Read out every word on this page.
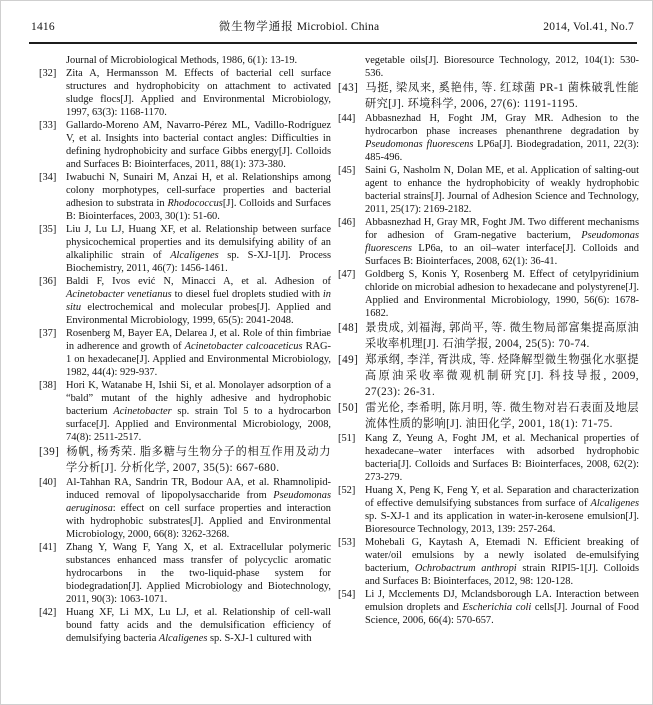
1416	微生物学通报 Microbiol. China	2014, Vol.41, No.7
Journal of Microbiological Methods, 1986, 6(1): 13-19.
[32] Zita A, Hermansson M. Effects of bacterial cell surface structures and hydrophobicity on attachment to activated sludge flocs[J]. Applied and Environmental Microbiology, 1997, 63(3): 1168-1170.
[33] Gallardo-Moreno AM, Navarro-Pérez ML, Vadillo-Rodríguez V, et al. Insights into bacterial contact angles: Difficulties in defining hydrophobicity and surface Gibbs energy[J]. Colloids and Surfaces B: Biointerfaces, 2011, 88(1): 373-380.
[34] Iwabuchi N, Sunairi M, Anzai H, et al. Relationships among colony morphotypes, cell-surface properties and bacterial adhesion to substrata in Rhodococcus[J]. Colloids and Surfaces B: Biointerfaces, 2003, 30(1): 51-60.
[35] Liu J, Lu LJ, Huang XF, et al. Relationship between surface physicochemical properties and its demulsifying ability of an alkaliphilic strain of Alcaligenes sp. S-XJ-1[J]. Process Biochemistry, 2011, 46(7): 1456-1461.
[36] Baldi F, Ivos ević N, Minacci A, et al. Adhesion of Acinetobacter venetianus to diesel fuel droplets studied with in situ electrochemical and molecular probes[J]. Applied and Environmental Microbiology, 1999, 65(5): 2041-2048.
[37] Rosenberg M, Bayer EA, Delarea J, et al. Role of thin fimbriae in adherence and growth of Acinetobacter calcoaceticus RAG-1 on hexadecane[J]. Applied and Environmental Microbiology, 1982, 44(4): 929-937.
[38] Hori K, Watanabe H, Ishii Si, et al. Monolayer adsorption of a “bald” mutant of the highly adhesive and hydrophobic bacterium Acinetobacter sp. strain Tol 5 to a hydrocarbon surface[J]. Applied and Environmental Microbiology, 2008, 74(8): 2511-2517.
[39] 杨帆, 杨秀荣. 脂多糖与生物分子的相互作用及动力学分析[J]. 分析化学, 2007, 35(5): 667-680.
[40] Al-Tahhan RA, Sandrin TR, Bodour AA, et al. Rhamnolipid-induced removal of lipopolysaccharide from Pseudomonas aeruginosa: effect on cell surface properties and interaction with hydrophobic substrates[J]. Applied and Environmental Microbiology, 2000, 66(8): 3262-3268.
[41] Zhang Y, Wang F, Yang X, et al. Extracellular polymeric substances enhanced mass transfer of polycyclic aromatic hydrocarbons in the two-liquid-phase system for biodegradation[J]. Applied Microbiology and Biotechnology, 2011, 90(3): 1063-1071.
[42] Huang XF, Li MX, Lu LJ, et al. Relationship of cell-wall bound fatty acids and the demulsification efficiency of demulsifying bacteria Alcaligenes sp. S-XJ-1 cultured with
vegetable oils[J]. Bioresource Technology, 2012, 104(1): 530-536.
[43] 马挺, 梁凤来, 奚艳伟, 等. 红球菌 PR-1 菌株破乳性能研究[J]. 环境科学, 2006, 27(6): 1191-1195.
[44] Abbasnezhad H, Foght JM, Gray MR. Adhesion to the hydrocarbon phase increases phenanthrene degradation by Pseudomonas fluorescens LP6a[J]. Biodegradation, 2011, 22(3): 485-496.
[45] Saini G, Nasholm N, Dolan ME, et al. Application of salting-out agent to enhance the hydrophobicity of weakly hydrophobic bacterial strains[J]. Journal of Adhesion Science and Technology, 2011, 25(17): 2169-2182.
[46] Abbasnezhad H, Gray MR, Foght JM. Two different mechanisms for adhesion of Gram-negative bacterium, Pseudomonas fluorescens LP6a, to an oil–water interface[J]. Colloids and Surfaces B: Biointerfaces, 2008, 62(1): 36-41.
[47] Goldberg S, Konis Y, Rosenberg M. Effect of cetylpyridinium chloride on microbial adhesion to hexadecane and polystyrene[J]. Applied and Environmental Microbiology, 1990, 56(6): 1678-1682.
[48] 景贵成, 刘福海, 郭尚平, 等. 微生物局部富集提高原油采收率机理[J]. 石油学报, 2004, 25(5): 70-74.
[49] 郑承纲, 李洋, 胥洪成, 等. 烃降解型微生物强化水驱提高原油采收率微观机制研究[J]. 科技导报, 2009, 27(23): 26-31.
[50] 雷光伦, 李希明, 陈月明, 等. 微生物对岩石表面及地层流体性质的影响[J]. 油田化学, 2001, 18(1): 71-75.
[51] Kang Z, Yeung A, Foght JM, et al. Mechanical properties of hexadecane–water interfaces with adsorbed hydrophobic bacteria[J]. Colloids and Surfaces B: Biointerfaces, 2008, 62(2): 273-279.
[52] Huang X, Peng K, Feng Y, et al. Separation and characterization of effective demulsifying substances from surface of Alcaligenes sp. S-XJ-1 and its application in water-in-kerosene emulsion[J]. Bioresource Technology, 2013, 139: 257-264.
[53] Mohebali G, Kaytash A, Etemadi N. Efficient breaking of water/oil emulsions by a newly isolated de-emulsifying bacterium, Ochrobactrum anthropi strain RIPI5-1[J]. Colloids and Surfaces B: Biointerfaces, 2012, 98: 120-128.
[54] Li J, Mcclements DJ, Mclandsborough LA. Interaction between emulsion droplets and Escherichia coli cells[J]. Journal of Food Science, 2006, 66(4): 570-657.
